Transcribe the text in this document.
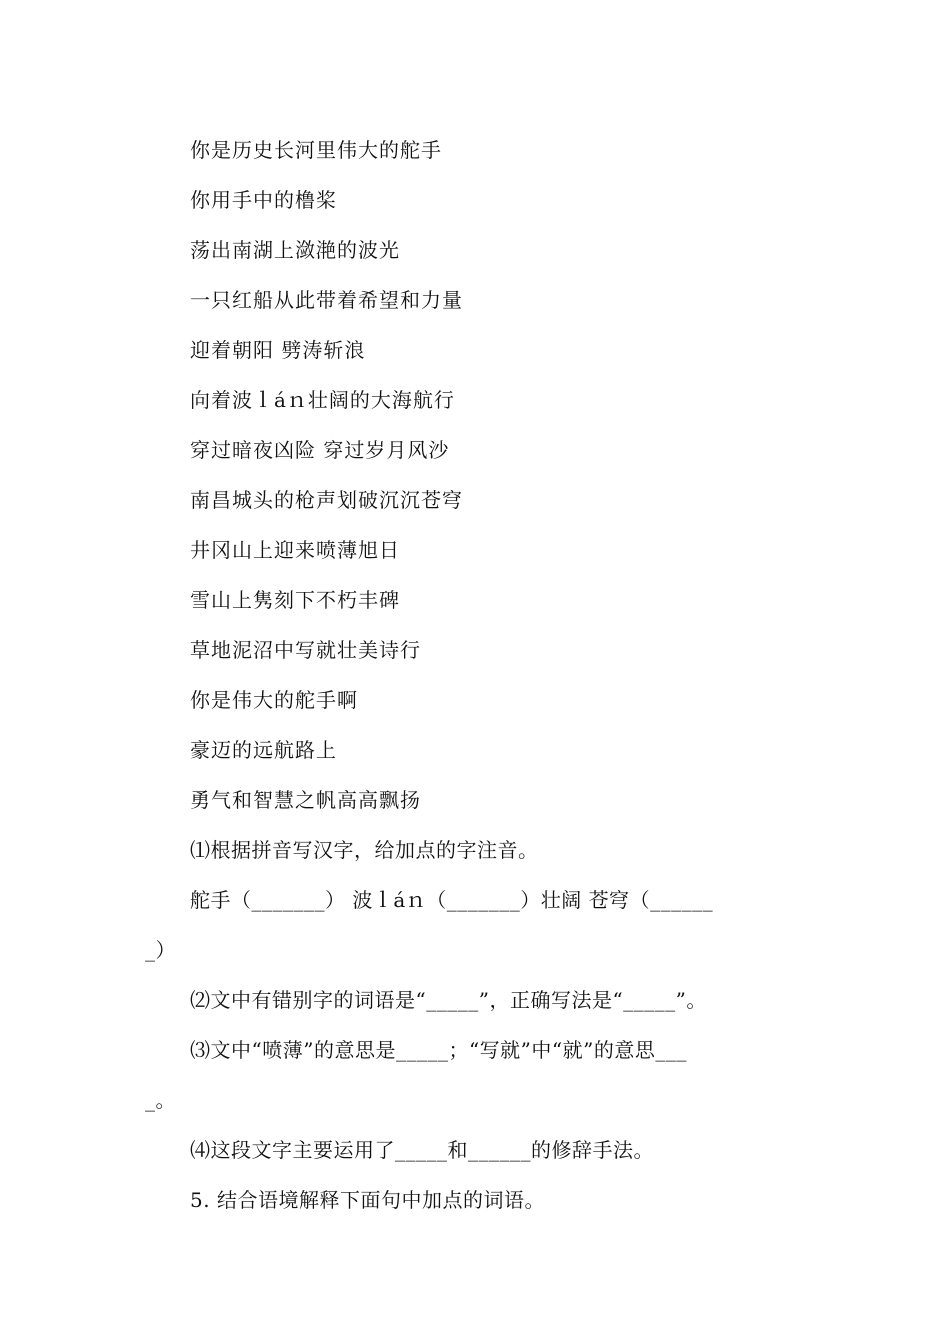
你是历史长河里伟大的舵手
你用手中的橹桨
荡出南湖上潋滟的波光
一只红船从此带着希望和力量
迎着朝阳 劈涛斩浪
向着波ｌáｎ壮阔的大海航行
穿过暗夜凶险 穿过岁月风沙
南昌城头的枪声划破沉沉苍穹
井冈山上迎来喷薄旭日
雪山上隽刻下不朽丰碑
草地泥沼中写就壮美诗行
你是伟大的舵手啊
豪迈的远航路上
勇气和智慧之帆高高飘扬
⑴根据拼音写汉字，给加点的字注音。
舵手（_______） 波ｌáｎ（_______）壮阔 苍穹（______
_）
⑵文中有错别字的词语是“_____”，正确写法是“_____”。
⑶文中“喷薄”的意思是_____；“写就”中“就”的意思___
_。
⑷这段文字主要运用了_____和______的修辞手法。
5. 结合语境解释下面句中加点的词语。
